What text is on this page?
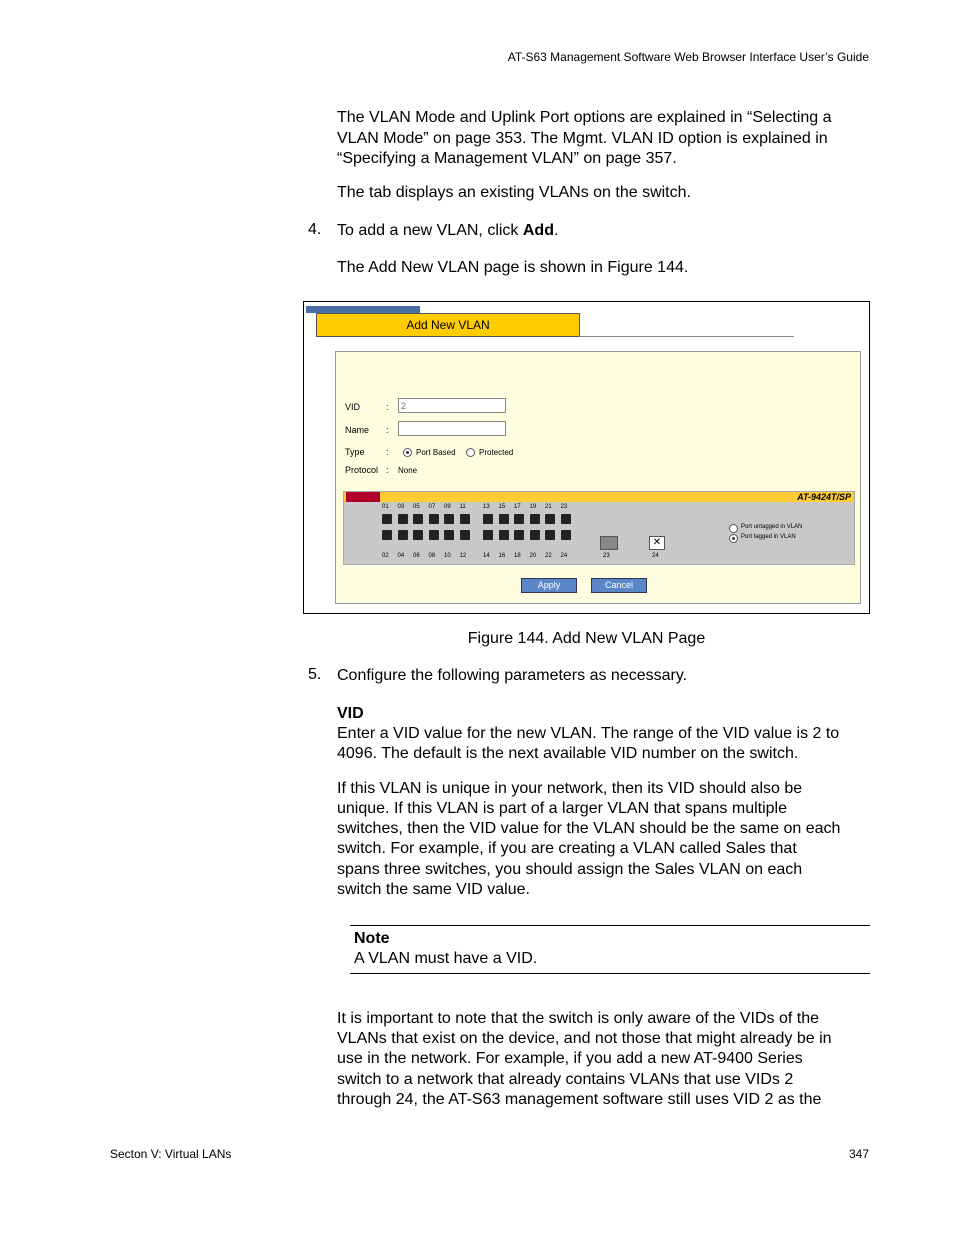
AT-S63 Management Software Web Browser Interface User’s Guide
The VLAN Mode and Uplink Port options are explained in “Selecting a
VLAN Mode” on page 353. The Mgmt. VLAN ID option is explained in
“Specifying a Management VLAN” on page 357.
The tab displays an existing VLANs on the switch.
4. To add a new VLAN, click Add.
The Add New VLAN page is shown in Figure 144.
Add New VLAN
VID	:	2
Name :
Type :	Port Based	Protected
Protocol : None
AT-9424T/SP
01
02
03
04
05
06
07
08
09
10
11
12
13
14
15
16
17
18
19
20
21
22
23
24
✕
23	24
Port untagged in VLAN
Port tagged in VLAN
Apply	Cancel
Figure 144. Add New VLAN Page
5. Configure the following parameters as necessary.
VID
Enter a VID value for the new VLAN. The range of the VID value is 2 to
4096. The default is the next available VID number on the switch.
If this VLAN is unique in your network, then its VID should also be
unique. If this VLAN is part of a larger VLAN that spans multiple
switches, then the VID value for the VLAN should be the same on each
switch. For example, if you are creating a VLAN called Sales that
spans three switches, you should assign the Sales VLAN on each
switch the same VID value.
Note
A VLAN must have a VID.
It is important to note that the switch is only aware of the VIDs of the
VLANs that exist on the device, and not those that might already be in
use in the network. For example, if you add a new AT-9400 Series
switch to a network that already contains VLANs that use VIDs 2
through 24, the AT-S63 management software still uses VID 2 as the
Secton V: Virtual LANs	347
